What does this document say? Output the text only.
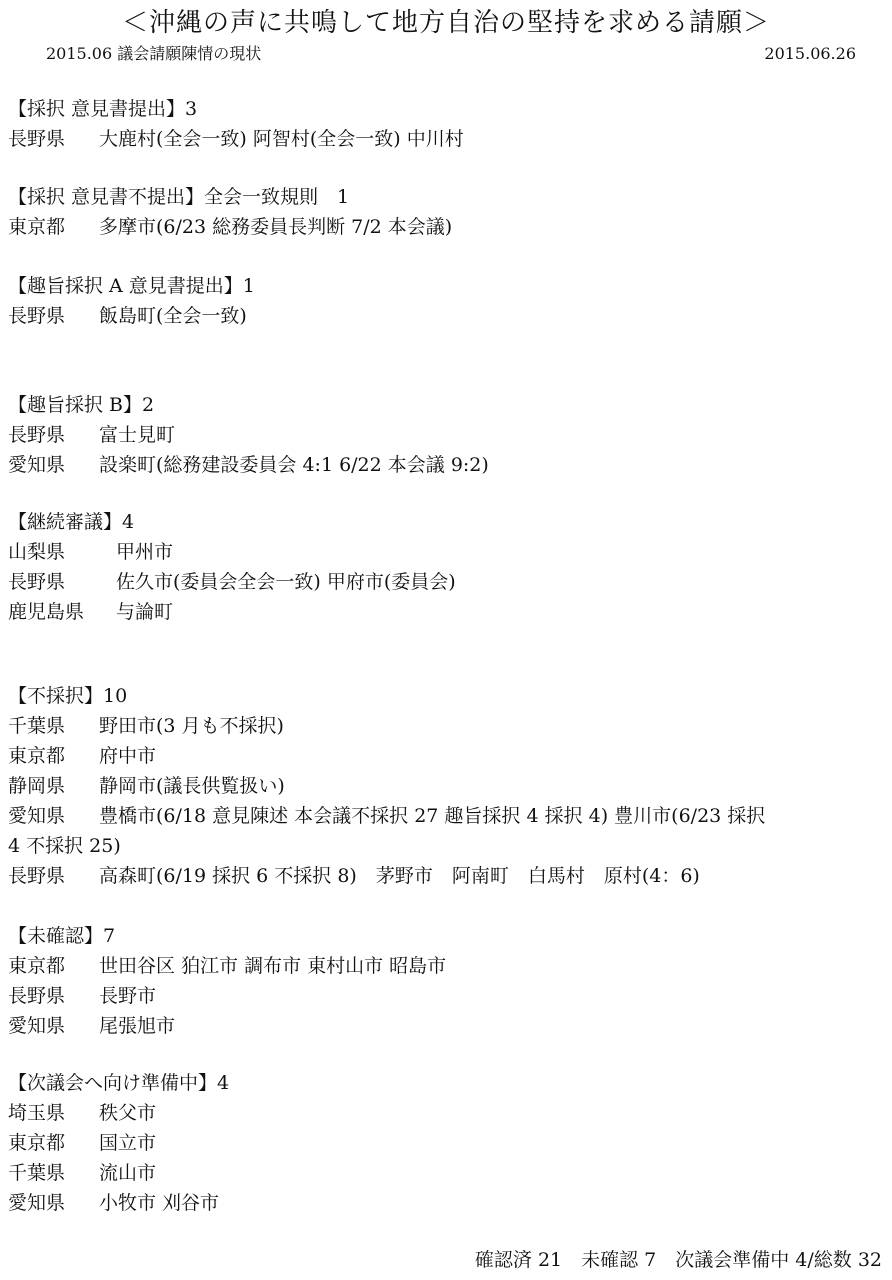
＜沖縄の声に共鳴して地方自治の堅持を求める請願＞
2015.06 議会請願陳情の現状	2015.06.26
【採択 意見書提出】3
長野県	大鹿村(全会一致) 阿智村(全会一致) 中川村
【採択 意見書不提出】全会一致規則　1
東京都	多摩市(6/23 総務委員長判断 7/2 本会議)
【趣旨採択 A 意見書提出】1
長野県	飯島町(全会一致)
【趣旨採択 B】2
長野県	富士見町
愛知県	設楽町(総務建設委員会 4:1 6/22 本会議 9:2)
【継続審議】4
山梨県	甲州市
長野県	佐久市(委員会全会一致) 甲府市(委員会)
鹿児島県	与論町
【不採択】10
千葉県	野田市(3 月も不採択)
東京都	府中市
静岡県	静岡市(議長供覧扱い)
愛知県	豊橋市(6/18 意見陳述 本会議不採択 27 趣旨採択 4 採択 4) 豊川市(6/23 採択
4 不採択 25)
長野県	高森町(6/19 採択 6 不採択 8)　茅野市　阿南町　白馬村　原村(4：6)
【未確認】7
東京都	世田谷区 狛江市 調布市 東村山市 昭島市
長野県	長野市
愛知県	尾張旭市
【次議会へ向け準備中】4
埼玉県	秩父市
東京都	国立市
千葉県	流山市
愛知県	小牧市 刈谷市
確認済 21　未確認 7　次議会準備中 4/総数 32
